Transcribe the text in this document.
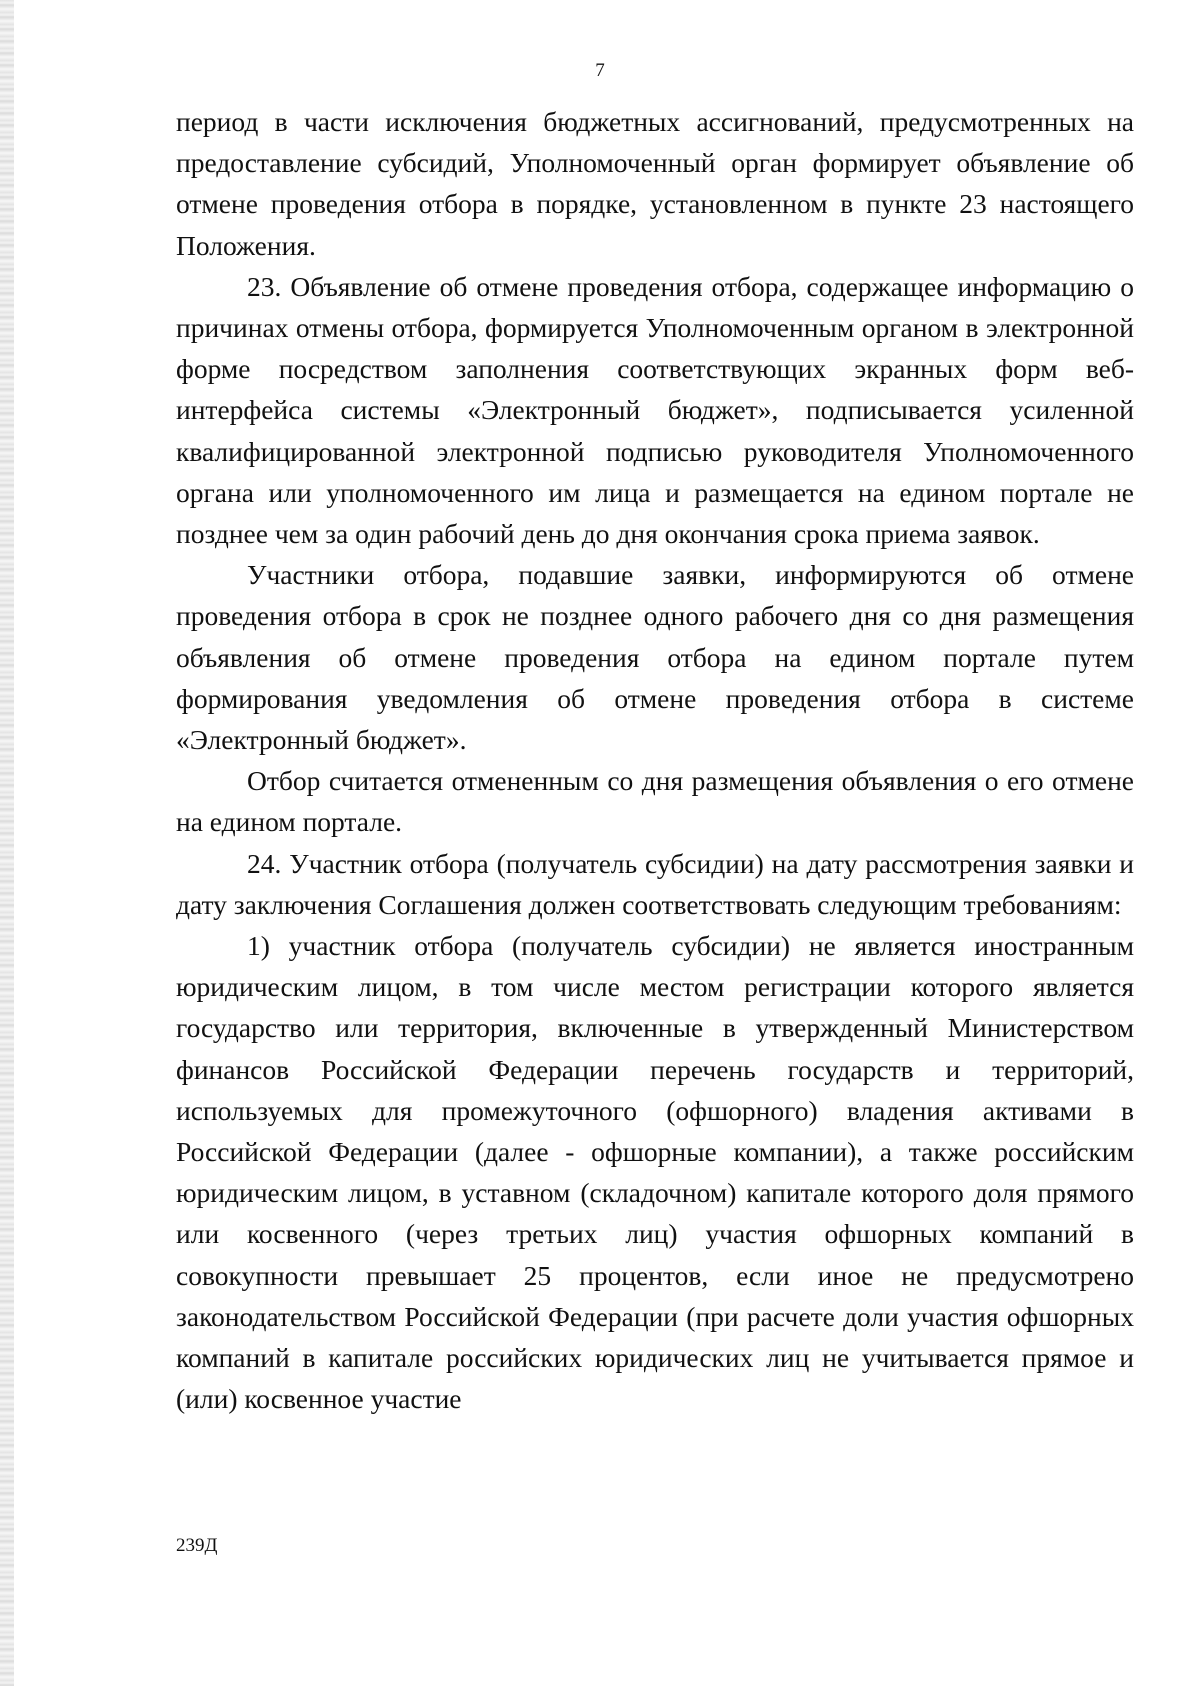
7

период в части исключения бюджетных ассигнований, предусмотренных на предоставление субсидий, Уполномоченный орган формирует объявление об отмене проведения отбора в порядке, установленном в пункте 23 настоящего Положения.

23. Объявление об отмене проведения отбора, содержащее информацию о причинах отмены отбора, формируется Уполномоченным органом в электронной форме посредством заполнения соответствующих экранных форм веб-интерфейса системы «Электронный бюджет», подписывается усиленной квалифицированной электронной подписью руководителя Уполномоченного органа или уполномоченного им лица и размещается на едином портале не позднее чем за один рабочий день до дня окончания срока приема заявок.

Участники отбора, подавшие заявки, информируются об отмене проведения отбора в срок не позднее одного рабочего дня со дня размещения объявления об отмене проведения отбора на едином портале путем формирования уведомления об отмене проведения отбора в системе «Электронный бюджет».

Отбор считается отмененным со дня размещения объявления о его отмене на едином портале.

24. Участник отбора (получатель субсидии) на дату рассмотрения заявки и дату заключения Соглашения должен соответствовать следующим требованиям:

1) участник отбора (получатель субсидии) не является иностранным юридическим лицом, в том числе местом регистрации которого является государство или территория, включенные в утвержденный Министерством финансов Российской Федерации перечень государств и территорий, используемых для промежуточного (офшорного) владения активами в Российской Федерации (далее - офшорные компании), а также российским юридическим лицом, в уставном (складочном) капитале которого доля прямого или косвенного (через третьих лиц) участия офшорных компаний в совокупности превышает 25 процентов, если иное не предусмотрено законодательством Российской Федерации (при расчете доли участия офшорных компаний в капитале российских юридических лиц не учитывается прямое и (или) косвенное участие

239Д
